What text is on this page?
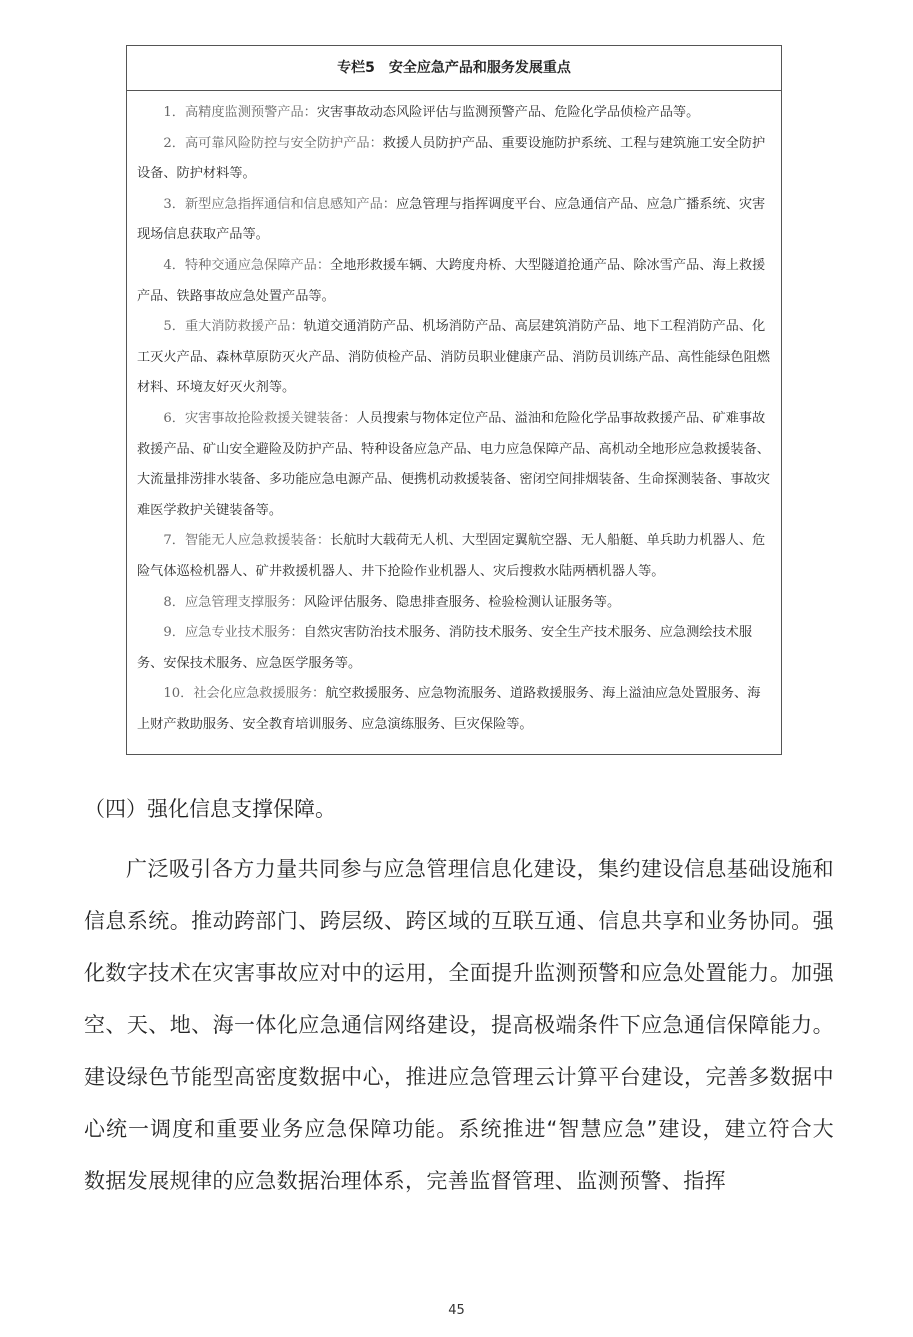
专栏5　安全应急产品和服务发展重点

1．高精度监测预警产品：灾害事故动态风险评估与监测预警产品、危险化学品侦检产品等。

2．高可靠风险防控与安全防护产品：救援人员防护产品、重要设施防护系统、工程与建筑施工安全防护设备、防护材料等。

3．新型应急指挥通信和信息感知产品：应急管理与指挥调度平台、应急通信产品、应急广播系统、灾害现场信息获取产品等。

4．特种交通应急保障产品：全地形救援车辆、大跨度舟桥、大型隧道抢通产品、除冰雪产品、海上救援产品、铁路事故应急处置产品等。

5．重大消防救援产品：轨道交通消防产品、机场消防产品、高层建筑消防产品、地下工程消防产品、化工灭火产品、森林草原防灭火产品、消防侦检产品、消防员职业健康产品、消防员训练产品、高性能绿色阻燃材料、环境友好灭火剂等。

6．灾害事故抢险救援关键装备：人员搜索与物体定位产品、溢油和危险化学品事故救援产品、矿难事故救援产品、矿山安全避险及防护产品、特种设备应急产品、电力应急保障产品、高机动全地形应急救援装备、大流量排涝排水装备、多功能应急电源产品、便携机动救援装备、密闭空间排烟装备、生命探测装备、事故灾难医学救护关键装备等。

7．智能无人应急救援装备：长航时大载荷无人机、大型固定翼航空器、无人船艇、单兵助力机器人、危险气体巡检机器人、矿井救援机器人、井下抢险作业机器人、灾后搜救水陆两栖机器人等。

8．应急管理支撑服务：风险评估服务、隐患排查服务、检验检测认证服务等。

9．应急专业技术服务：自然灾害防治技术服务、消防技术服务、安全生产技术服务、应急测绘技术服务、安保技术服务、应急医学服务等。

10．社会化应急救援服务：航空救援服务、应急物流服务、道路救援服务、海上溢油应急处置服务、海上财产救助服务、安全教育培训服务、应急演练服务、巨灾保险等。

（四）强化信息支撑保障。

广泛吸引各方力量共同参与应急管理信息化建设，集约建设信息基础设施和信息系统。推动跨部门、跨层级、跨区域的互联互通、信息共享和业务协同。强化数字技术在灾害事故应对中的运用，全面提升监测预警和应急处置能力。加强空、天、地、海一体化应急通信网络建设，提高极端条件下应急通信保障能力。建设绿色节能型高密度数据中心，推进应急管理云计算平台建设，完善多数据中心统一调度和重要业务应急保障功能。系统推进“智慧应急”建设，建立符合大数据发展规律的应急数据治理体系，完善监督管理、监测预警、指挥

45
